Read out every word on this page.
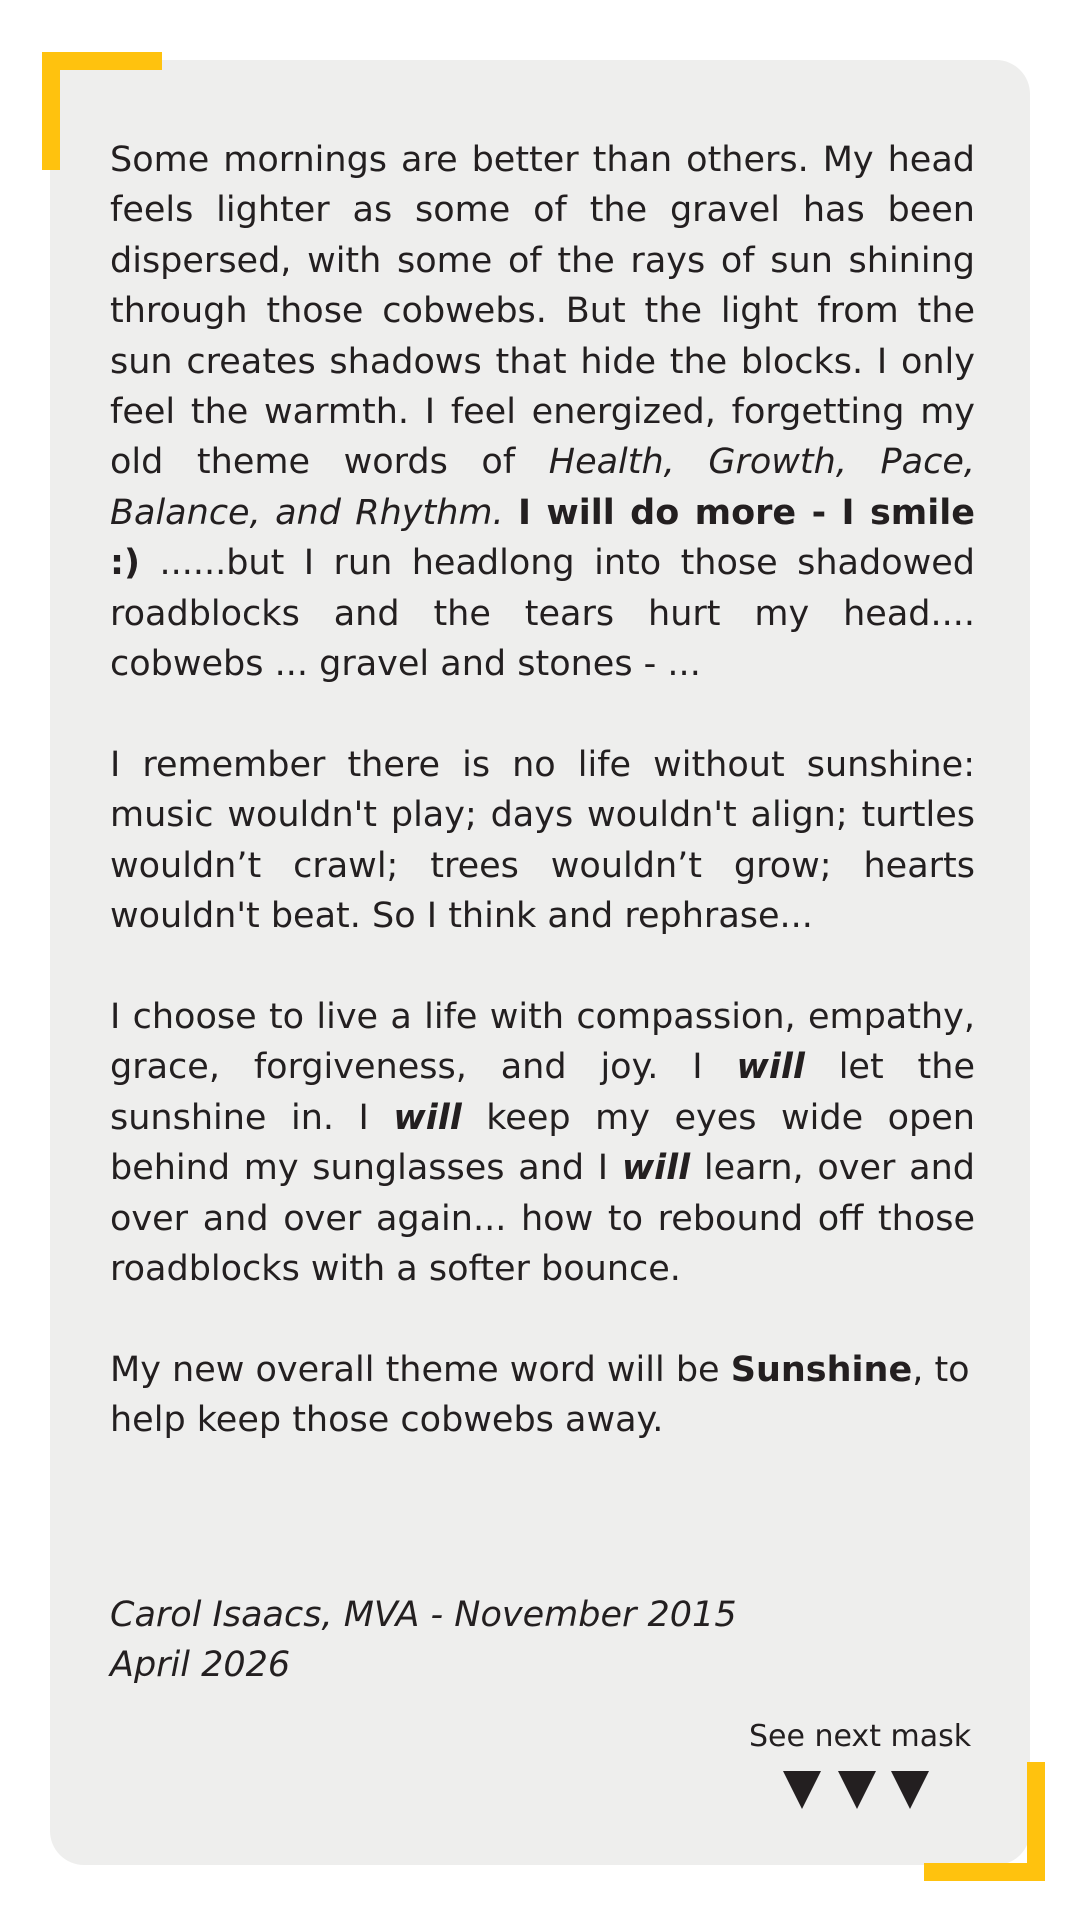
Some mornings are better than others. My head feels lighter as some of the gravel has been dispersed, with some of the rays of sun shining through those cobwebs. But the light from the sun creates shadows that hide the blocks. I only feel the warmth. I feel energized, forgetting my old theme words of Health, Growth, Pace, Balance, and Rhythm. I will do more - I smile :) ......but I run headlong into those shadowed roadblocks and the tears hurt my head.... cobwebs ... gravel and stones - ...

I remember there is no life without sunshine: music wouldn't play; days wouldn't align; turtles wouldn’t crawl; trees wouldn’t grow; hearts wouldn't beat. So I think and rephrase...

I choose to live a life with compassion, empathy, grace, forgiveness, and joy. I will let the sunshine in. I will keep my eyes wide open behind my sunglasses and I will learn, over and over and over again... how to rebound off those roadblocks with a softer bounce.

My new overall theme word will be Sunshine, to help keep those cobwebs away.

Carol Isaacs, MVA - November 2015
April 2026
See next mask
